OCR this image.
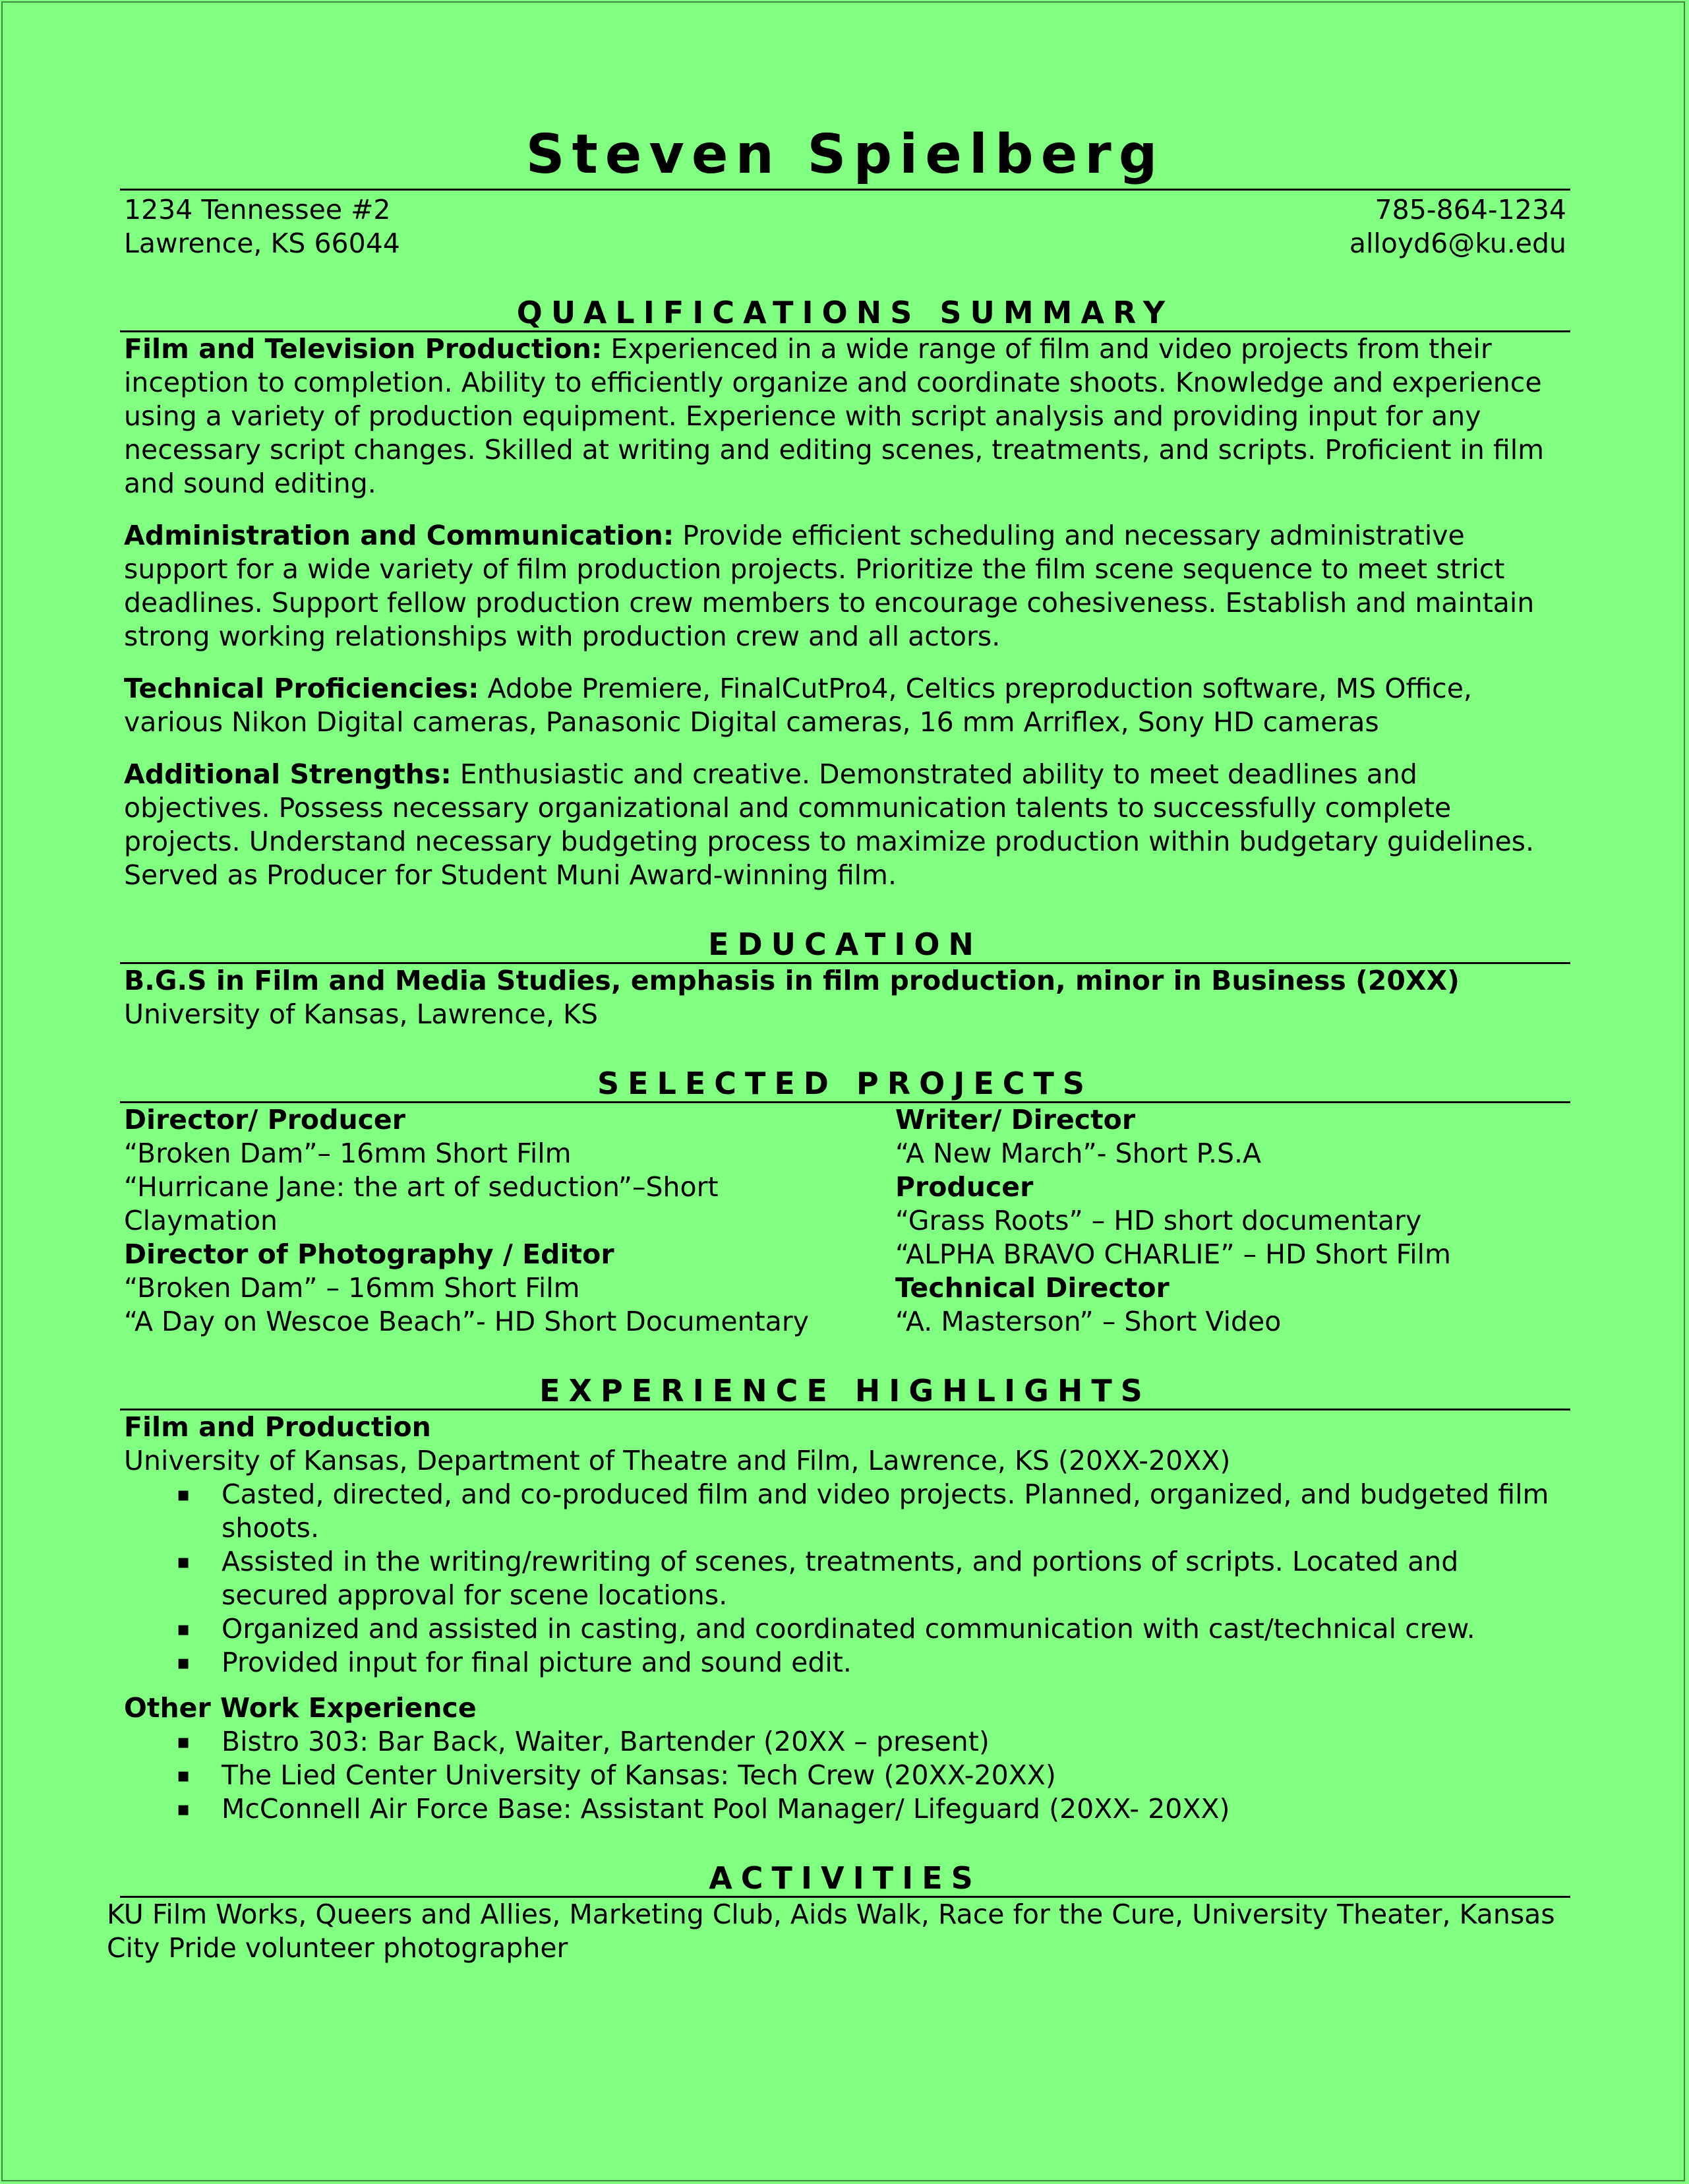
Steven Spielberg
1234 Tennessee #2
Lawrence, KS 66044
785-864-1234
alloyd6@ku.edu
QUALIFICATIONS SUMMARY

Film and Television Production: Experienced in a wide range of film and video projects from their inception to completion. Ability to efficiently organize and coordinate shoots. Knowledge and experience using a variety of production equipment. Experience with script analysis and providing input for any necessary script changes. Skilled at writing and editing scenes, treatments, and scripts. Proficient in film and sound editing.

Administration and Communication: Provide efficient scheduling and necessary administrative support for a wide variety of film production projects. Prioritize the film scene sequence to meet strict deadlines. Support fellow production crew members to encourage cohesiveness. Establish and maintain strong working relationships with production crew and all actors.

Technical Proficiencies: Adobe Premiere, FinalCutPro4, Celtics preproduction software, MS Office, various Nikon Digital cameras, Panasonic Digital cameras, 16 mm Arriflex, Sony HD cameras

Additional Strengths: Enthusiastic and creative. Demonstrated ability to meet deadlines and objectives. Possess necessary organizational and communication talents to successfully complete projects. Understand necessary budgeting process to maximize production within budgetary guidelines. Served as Producer for Student Muni Award-winning film.

EDUCATION
B.G.S in Film and Media Studies, emphasis in film production, minor in Business (20XX)
University of Kansas, Lawrence, KS
SELECTED PROJECTS
Director/ Producer
“Broken Dam”– 16mm Short Film
“Hurricane Jane: the art of seduction”–Short Claymation
Director of Photography / Editor
“Broken Dam” – 16mm Short Film
“A Day on Wescoe Beach”- HD Short Documentary
Writer/ Director
“A New March”- Short P.S.A
Producer
“Grass Roots” – HD short documentary
“ALPHA BRAVO CHARLIE” – HD Short Film
Technical Director
“A. Masterson” – Short Video
EXPERIENCE HIGHLIGHTS
Film and Production
University of Kansas, Department of Theatre and Film, Lawrence, KS (20XX-20XX)
▪ Casted, directed, and co-produced film and video projects. Planned, organized, and budgeted film shoots.
▪ Assisted in the writing/rewriting of scenes, treatments, and portions of scripts. Located and secured approval for scene locations.
▪ Organized and assisted in casting, and coordinated communication with cast/technical crew.
▪ Provided input for final picture and sound edit.
Other Work Experience
▪ Bistro 303: Bar Back, Waiter, Bartender (20XX – present)
▪ The Lied Center University of Kansas: Tech Crew (20XX-20XX)
▪ McConnell Air Force Base: Assistant Pool Manager/ Lifeguard (20XX- 20XX)
ACTIVITIES
KU Film Works, Queers and Allies, Marketing Club, Aids Walk, Race for the Cure, University Theater, Kansas City Pride volunteer photographer
